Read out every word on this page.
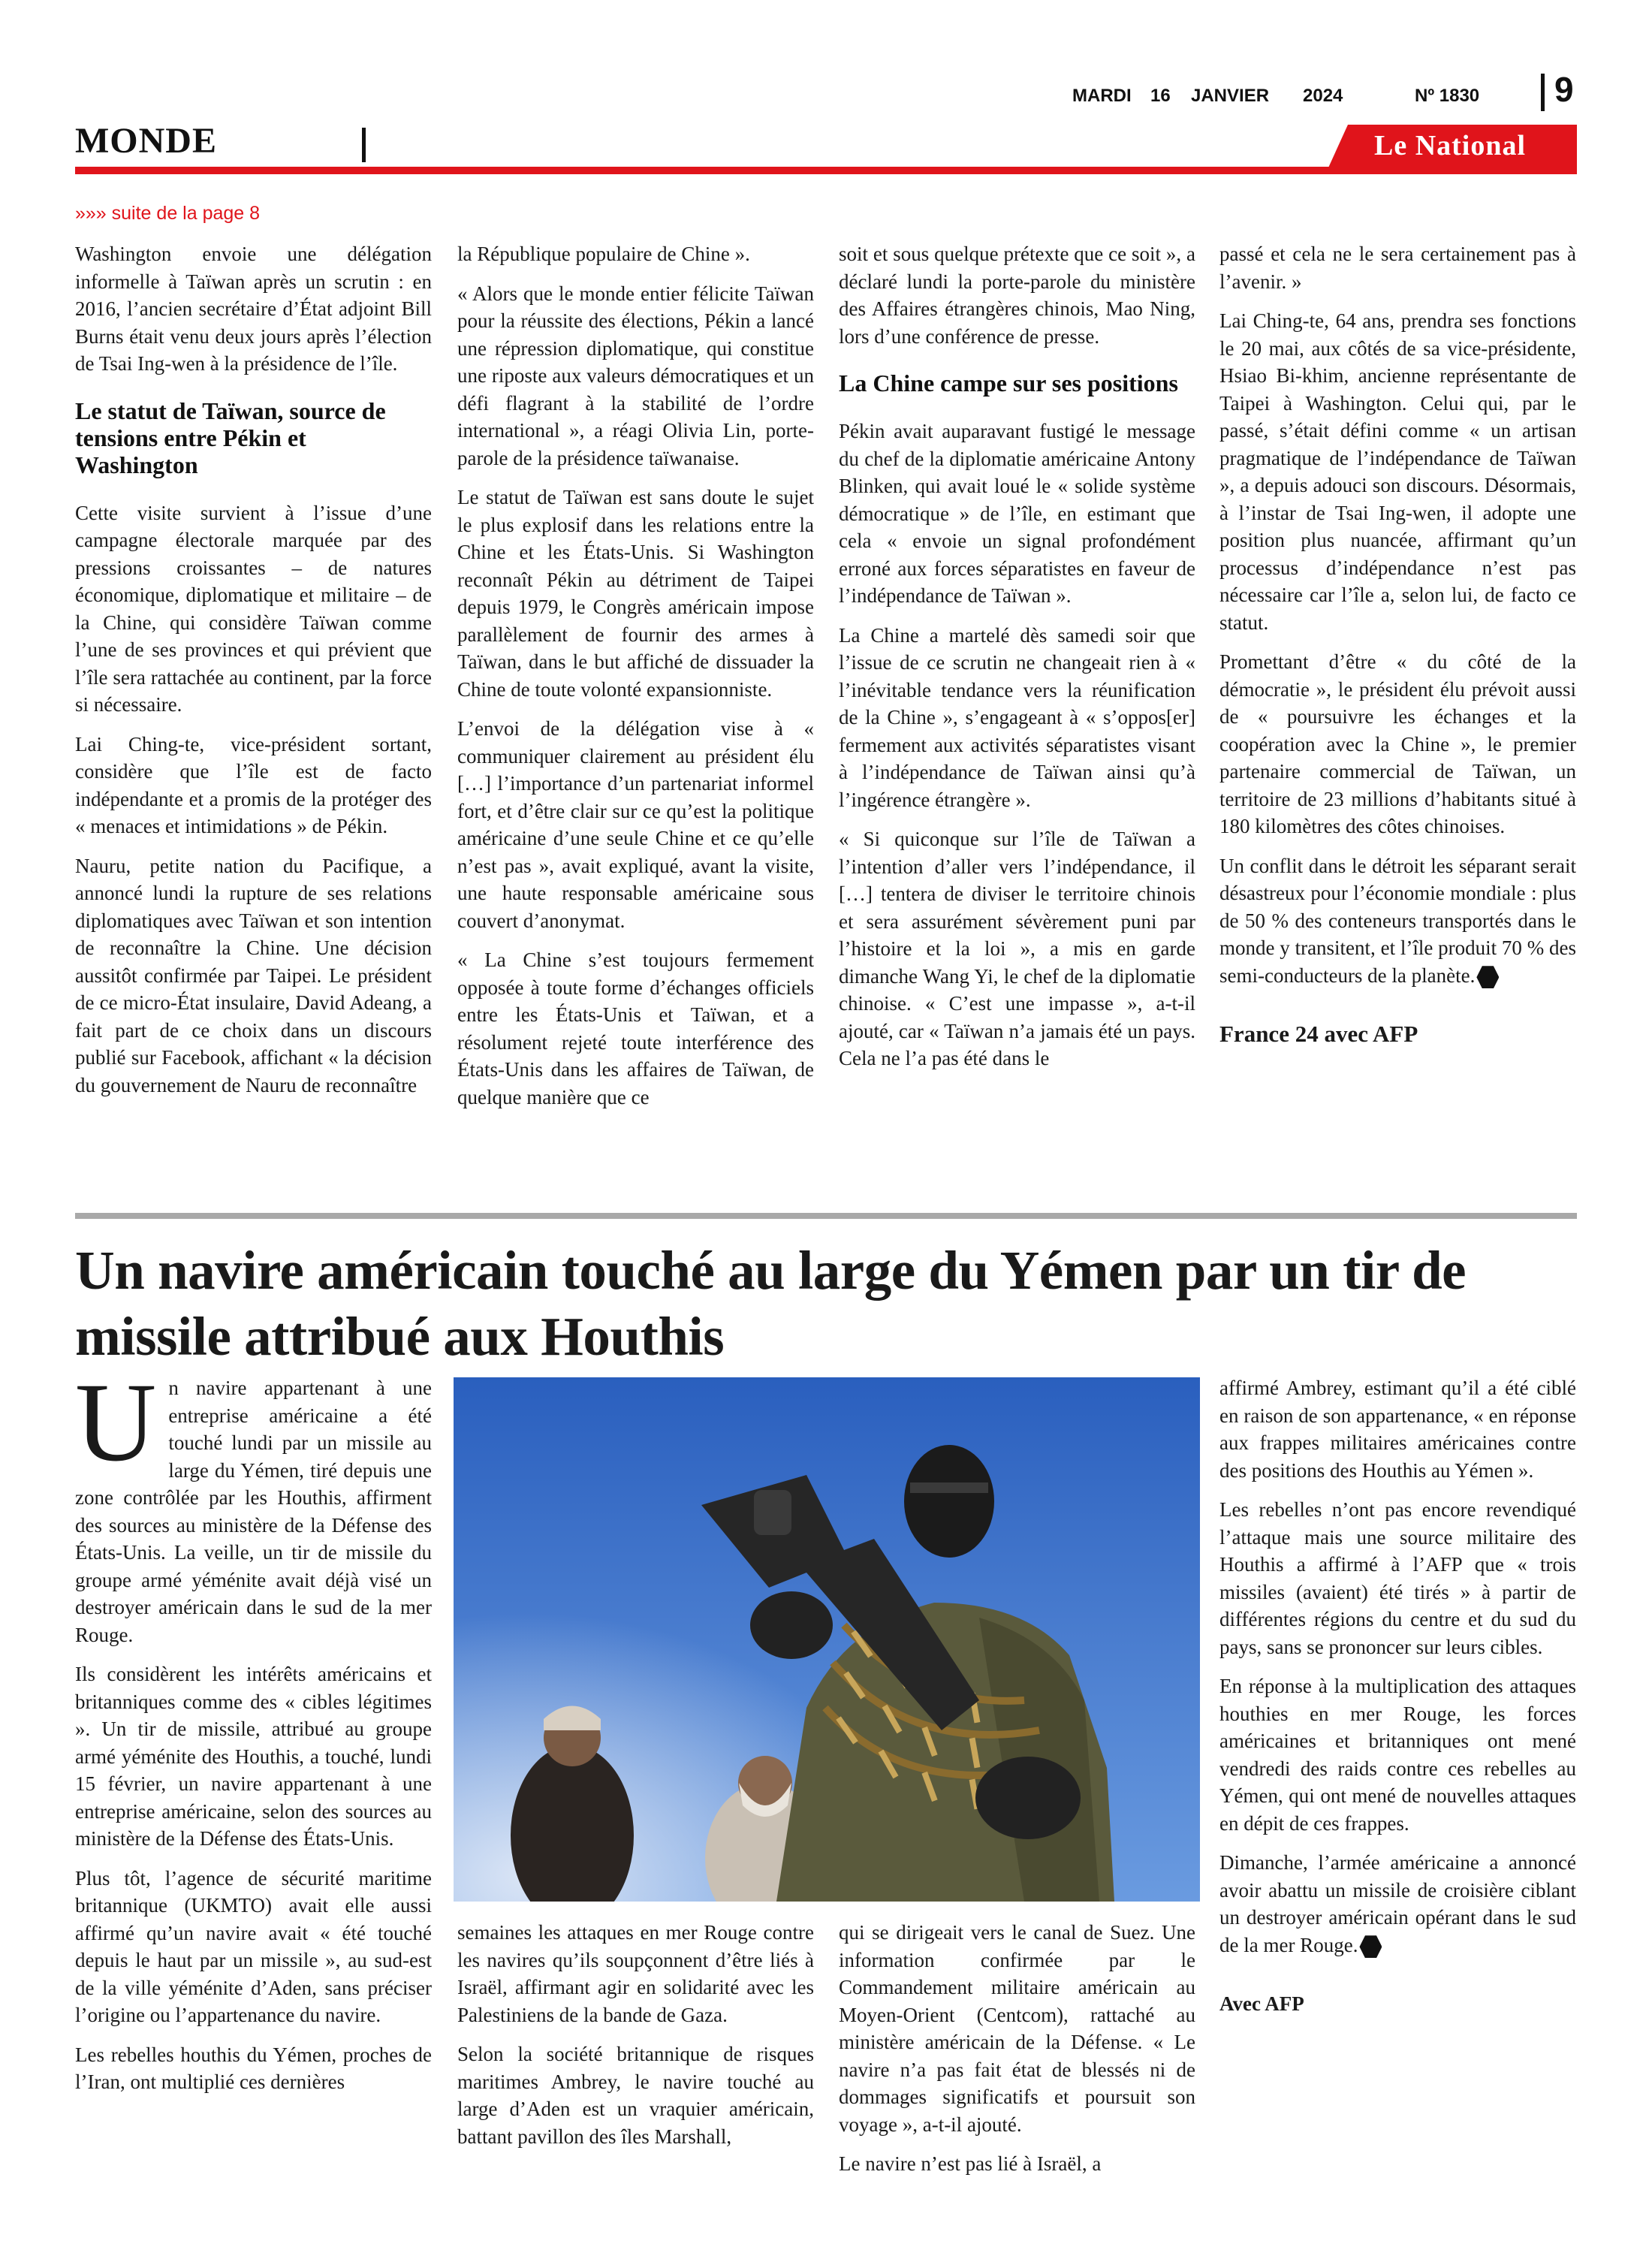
MARDI 16 JANVIER 2024	Nº 1830 9
MONDE	Le National
»»» suite de la page 8

Washington envoie une délégation informelle à Taïwan après un scrutin : en 2016, l’ancien secrétaire d’État adjoint Bill Burns était venu deux jours après l’élection de Tsai Ing-wen à la présidence de l’île.

Le statut de Taïwan, source de tensions entre Pékin et Washington

Cette visite survient à l’issue d’une campagne électorale marquée par des pressions croissantes – de natures économique, diplomatique et militaire – de la Chine, qui considère Taïwan comme l’une de ses provinces et qui prévient que l’île sera rattachée au continent, par la force si nécessaire.

Lai Ching-te, vice-président sortant, considère que l’île est de facto indépendante et a promis de la protéger des « menaces et intimidations » de Pékin.

Nauru, petite nation du Pacifique, a annoncé lundi la rupture de ses relations diplomatiques avec Taïwan et son intention de reconnaître la Chine. Une décision aussitôt confirmée par Taipei. Le président de ce micro-État insulaire, David Adeang, a fait part de ce choix dans un discours publié sur Facebook, affichant « la décision du gouvernement de Nauru de reconnaître

la République populaire de Chine ».

« Alors que le monde entier félicite Taïwan pour la réussite des élections, Pékin a lancé une répression diplomatique, qui constitue une riposte aux valeurs démocratiques et un défi flagrant à la stabilité de l’ordre international », a réagi Olivia Lin, porte-parole de la présidence taïwanaise.

Le statut de Taïwan est sans doute le sujet le plus explosif dans les relations entre la Chine et les États-Unis. Si Washington reconnaît Pékin au détriment de Taipei depuis 1979, le Congrès américain impose parallèlement de fournir des armes à Taïwan, dans le but affiché de dissuader la Chine de toute volonté expansionniste.

L’envoi de la délégation vise à « communiquer clairement au président élu […] l’importance d’un partenariat informel fort, et d’être clair sur ce qu’est la politique américaine d’une seule Chine et ce qu’elle n’est pas », avait expliqué, avant la visite, une haute responsable américaine sous couvert d’anonymat.

« La Chine s’est toujours fermement opposée à toute forme d’échanges officiels entre les États-Unis et Taïwan, et a résolument rejeté toute interférence des États-Unis dans les affaires de Taïwan, de quelque manière que ce

soit et sous quelque prétexte que ce soit », a déclaré lundi la porte-parole du ministère des Affaires étrangères chinois, Mao Ning, lors d’une conférence de presse.

La Chine campe sur ses positions

Pékin avait auparavant fustigé le message du chef de la diplomatie américaine Antony Blinken, qui avait loué le « solide système démocratique » de l’île, en estimant que cela « envoie un signal profondément erroné aux forces séparatistes en faveur de l’indépendance de Taïwan ».

La Chine a martelé dès samedi soir que l’issue de ce scrutin ne changeait rien à « l’inévitable tendance vers la réunification de la Chine », s’engageant à « s’oppos[er] fermement aux activités séparatistes visant à l’indépendance de Taïwan ainsi qu’à l’ingérence étrangère ».

« Si quiconque sur l’île de Taïwan a l’intention d’aller vers l’indépendance, il […] tentera de diviser le territoire chinois et sera assurément sévèrement puni par l’histoire et la loi », a mis en garde dimanche Wang Yi, le chef de la diplomatie chinoise. « C’est une impasse », a-t-il ajouté, car « Taïwan n’a jamais été un pays. Cela ne l’a pas été dans le

passé et cela ne le sera certainement pas à l’avenir. »

Lai Ching-te, 64 ans, prendra ses fonctions le 20 mai, aux côtés de sa vice-présidente, Hsiao Bi-khim, ancienne représentante de Taipei à Washington. Celui qui, par le passé, s’était défini comme « un artisan pragmatique de l’indépendance de Taïwan », a depuis adouci son discours. Désormais, à l’instar de Tsai Ing-wen, il adopte une position plus nuancée, affirmant qu’un processus d’indépendance n’est pas nécessaire car l’île a, selon lui, de facto ce statut.

Promettant d’être « du côté de la démocratie », le président élu prévoit aussi de « poursuivre les échanges et la coopération avec la Chine », le premier partenaire commercial de Taïwan, un territoire de 23 millions d’habitants situé à 180 kilomètres des côtes chinoises.

Un conflit dans le détroit les séparant serait désastreux pour l’économie mondiale : plus de 50 % des conteneurs transportés dans le monde y transitent, et l’île produit 70 % des semi-conducteurs de la planète.

France 24 avec AFP
Un navire américain touché au large du Yémen par un tir de missile attribué aux Houthis

Un navire appartenant à une entreprise américaine a été touché lundi par un missile au large du Yémen, tiré depuis une zone contrôlée par les Houthis, affirment des sources au ministère de la Défense des États-Unis. La veille, un tir de missile du groupe armé yéménite avait déjà visé un destroyer américain dans le sud de la mer Rouge.

Ils considèrent les intérêts américains et britanniques comme des « cibles légitimes ». Un tir de missile, attribué au groupe armé yéménite des Houthis, a touché, lundi 15 février, un navire appartenant à une entreprise américaine, selon des sources au ministère de la Défense des États-Unis.

Plus tôt, l’agence de sécurité maritime britannique (UKMTO) avait elle aussi affirmé qu’un navire avait « été touché depuis le haut par un missile », au sud-est de la ville yéménite d’Aden, sans préciser l’origine ou l’appartenance du navire.

Les rebelles houthis du Yémen, proches de l’Iran, ont multiplié ces dernières

semaines les attaques en mer Rouge contre les navires qu’ils soupçonnent d’être liés à Israël, affirmant agir en solidarité avec les Palestiniens de la bande de Gaza.

Selon la société britannique de risques maritimes Ambrey, le navire touché au large d’Aden est un vraquier américain, battant pavillon des îles Marshall,

qui se dirigeait vers le canal de Suez. Une information confirmée par le Commandement militaire américain au Moyen-Orient (Centcom), rattaché au ministère américain de la Défense. « Le navire n’a pas fait état de blessés ni de dommages significatifs et poursuit son voyage », a-t-il ajouté.

Le navire n’est pas lié à Israël, a

affirmé Ambrey, estimant qu’il a été ciblé en raison de son appartenance, « en réponse aux frappes militaires américaines contre des positions des Houthis au Yémen ».

Les rebelles n’ont pas encore revendiqué l’attaque mais une source militaire des Houthis a affirmé à l’AFP que « trois missiles (avaient) été tirés » à partir de différentes régions du centre et du sud du pays, sans se prononcer sur leurs cibles.

En réponse à la multiplication des attaques houthies en mer Rouge, les forces américaines et britanniques ont mené vendredi des raids contre ces rebelles au Yémen, qui ont mené de nouvelles attaques en dépit de ces frappes.

Dimanche, l’armée américaine a annoncé avoir abattu un missile de croisière ciblant un destroyer américain opérant dans le sud de la mer Rouge.

Avec AFP
